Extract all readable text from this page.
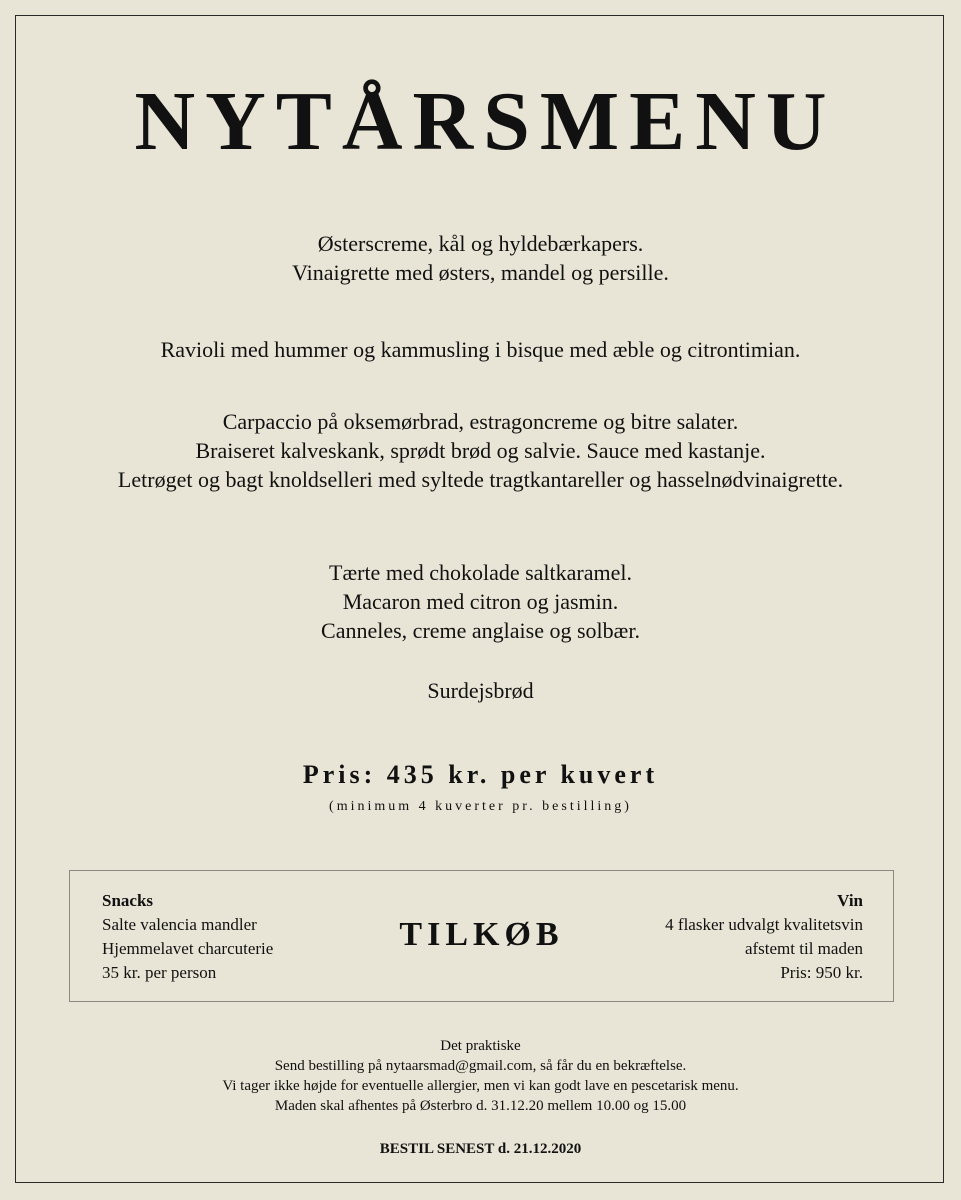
NYTÅRSMENU
Østerscreme, kål og hyldebærkapers.
Vinaigrette med østers, mandel og persille.
Ravioli med hummer og kammusling i bisque med æble og citrontimian.
Carpaccio på oksemørbrad, estragoncreme og bitre salater.
Braiseret kalveskank, sprødt brød og salvie. Sauce med kastanje.
Letrøget og bagt knoldselleri med syltede tragtkantareller og hasselnødvinaigrette.
Tærte med chokolade saltkaramel.
Macaron med citron og jasmin.
Canneles, creme anglaise og solbær.
Surdejsbrød
Pris: 435 kr. per kuvert
(minimum 4 kuverter pr. bestilling)
Snacks
Salte valencia mandler
Hjemmelavet charcuterie
35 kr. per person
TILKØB
Vin
4 flasker udvalgt kvalitetsvin
afstemt til maden
Pris: 950 kr.
Det praktiske
Send bestilling på nytaarsmad@gmail.com, så får du en bekræftelse.
Vi tager ikke højde for eventuelle allergier, men vi kan godt lave en pescetarisk menu.
Maden skal afhentes på Østerbro d. 31.12.20 mellem 10.00 og 15.00
BESTIL SENEST d. 21.12.2020
